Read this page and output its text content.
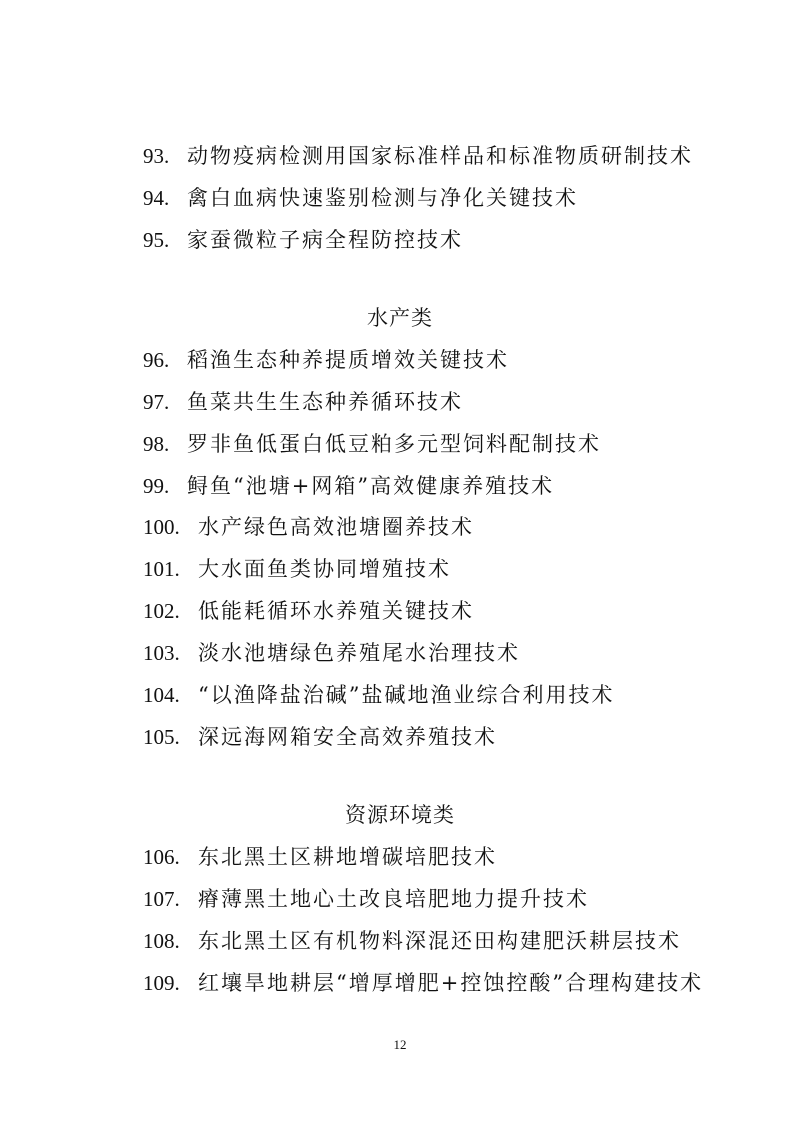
93. 动物疫病检测用国家标准样品和标准物质研制技术
94. 禽白血病快速鉴别检测与净化关键技术
95. 家蚕微粒子病全程防控技术
水产类
96. 稻渔生态种养提质增效关键技术
97. 鱼菜共生生态种养循环技术
98. 罗非鱼低蛋白低豆粕多元型饲料配制技术
99. 鲟鱼“池塘+网箱”高效健康养殖技术
100. 水产绿色高效池塘圈养技术
101. 大水面鱼类协同增殖技术
102. 低能耗循环水养殖关键技术
103. 淡水池塘绿色养殖尾水治理技术
104. “以渔降盐治碱”盐碱地渔业综合利用技术
105. 深远海网箱安全高效养殖技术
资源环境类
106. 东北黑土区耕地增碳培肥技术
107. 瘠薄黑土地心土改良培肥地力提升技术
108. 东北黑土区有机物料深混还田构建肥沃耕层技术
109. 红壤旱地耕层“增厚增肥+控蚀控酸”合理构建技术
12
